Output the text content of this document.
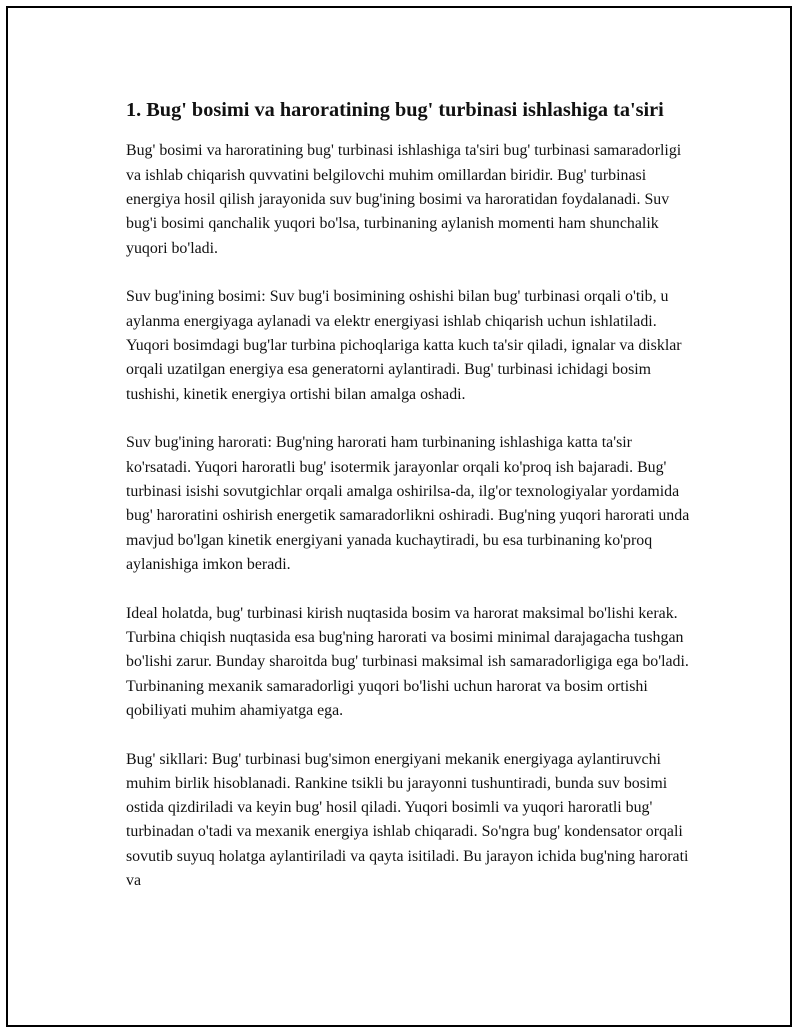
1. Bug' bosimi va haroratining bug' turbinasi ishlashiga ta'siri

Bug' bosimi va haroratining bug' turbinasi ishlashiga ta'siri bug' turbinasi samaradorligi va ishlab chiqarish quvvatini belgilovchi muhim omillardan biridir. Bug' turbinasi energiya hosil qilish jarayonida suv bug'ining bosimi va haroratidan foydalanadi. Suv bug'i bosimi qanchalik yuqori bo'lsa, turbinaning aylanish momenti ham shunchalik yuqori bo'ladi.

Suv bug'ining bosimi: Suv bug'i bosimining oshishi bilan bug' turbinasi orqali o'tib, u aylanma energiyaga aylanadi va elektr energiyasi ishlab chiqarish uchun ishlatiladi. Yuqori bosimdagi bug'lar turbina pichoqlariga katta kuch ta'sir qiladi, ignalar va disklar orqali uzatilgan energiya esa generatorni aylantiradi. Bug' turbinasi ichidagi bosim tushishi, kinetik energiya ortishi bilan amalga oshadi.

Suv bug'ining harorati: Bug'ning harorati ham turbinaning ishlashiga katta ta'sir ko'rsatadi. Yuqori haroratli bug' isotermik jarayonlar orqali ko'proq ish bajaradi. Bug' turbinasi isishi sovutgichlar orqali amalga oshirilsa-da, ilg'or texnologiyalar yordamida bug' haroratini oshirish energetik samaradorlikni oshiradi. Bug'ning yuqori harorati unda mavjud bo'lgan kinetik energiyani yanada kuchaytiradi, bu esa turbinaning ko'proq aylanishiga imkon beradi.

Ideal holatda, bug' turbinasi kirish nuqtasida bosim va harorat maksimal bo'lishi kerak. Turbina chiqish nuqtasida esa bug'ning harorati va bosimi minimal darajagacha tushgan bo'lishi zarur. Bunday sharoitda bug' turbinasi maksimal ish samaradorligiga ega bo'ladi. Turbinaning mexanik samaradorligi yuqori bo'lishi uchun harorat va bosim ortishi qobiliyati muhim ahamiyatga ega.

Bug' sikllari: Bug' turbinasi bug'simon energiyani mekanik energiyaga aylantiruvchi muhim birlik hisoblanadi. Rankine tsikli bu jarayonni tushuntiradi, bunda suv bosimi ostida qizdiriladi va keyin bug' hosil qiladi. Yuqori bosimli va yuqori haroratli bug' turbinadan o'tadi va mexanik energiya ishlab chiqaradi. So'ngra bug' kondensator orqali sovutib suyuq holatga aylantiriladi va qayta isitiladi. Bu jarayon ichida bug'ning harorati va
